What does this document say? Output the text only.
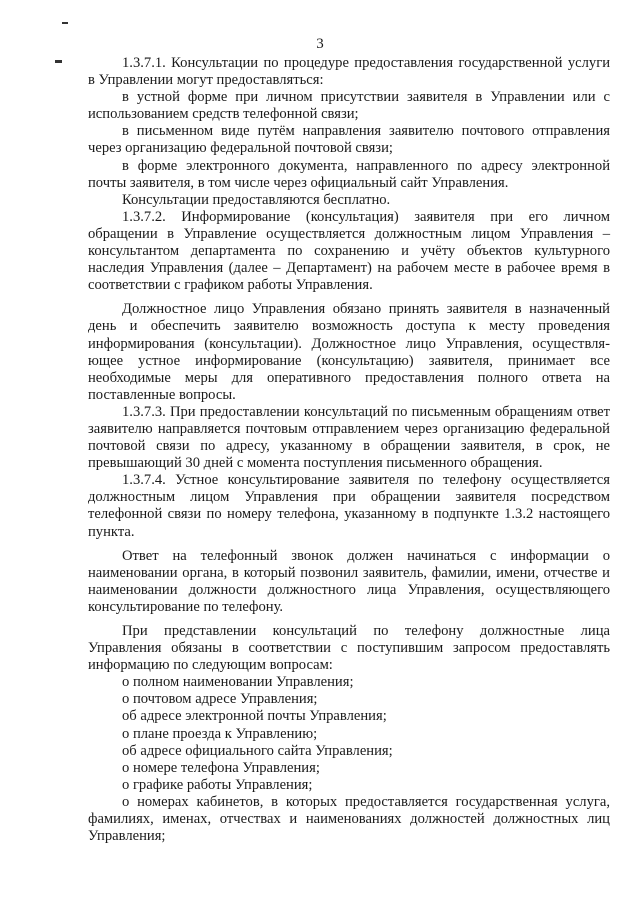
3

1.3.7.1. Консультации по процедуре предоставления государственной услуги в Управлении могут предоставляться:

в устной форме при личном присутствии заявителя в Управлении или с использованием средств телефонной связи;

в письменном виде путём направления заявителю почтового отправления через организацию федеральной почтовой связи;

в форме электронного документа, направленного по адресу электронной почты заявителя, в том числе через официальный сайт Управления.

Консультации предоставляются бесплатно.

1.3.7.2. Информирование (консультация) заявителя при его личном обращении в Управление осуществляется должностным лицом Управления – консультантом департамента по сохранению и учёту объектов культурного наследия Управления (далее – Департамент) на рабочем месте в рабочее время в соответствии с графиком работы Управления.

Должностное лицо Управления обязано принять заявителя в назначенный день и обеспечить заявителю возможность доступа к месту проведения информирования (консультации). Должностное лицо Управления, осуществля-ющее устное информирование (консультацию) заявителя, принимает все необходимые меры для оперативного предоставления полного ответа на поставленные вопросы.

1.3.7.3. При предоставлении консультаций по письменным обращениям ответ заявителю направляется почтовым отправлением через организацию федеральной почтовой связи по адресу, указанному в обращении заявителя, в срок, не превышающий 30 дней с момента поступления письменного обращения.

1.3.7.4. Устное консультирование заявителя по телефону осуществляется должностным лицом Управления при обращении заявителя посредством телефонной связи по номеру телефона, указанному в подпункте 1.3.2 настоящего пункта.

Ответ на телефонный звонок должен начинаться с информации о наименовании органа, в который позвонил заявитель, фамилии, имени, отчестве и наименовании должности должностного лица Управления, осуществляющего консультирование по телефону.

При представлении консультаций по телефону должностные лица Управления обязаны в соответствии с поступившим запросом предоставлять информацию по следующим вопросам:

о полном наименовании Управления;

о почтовом адресе Управления;

об адресе электронной почты Управления;

о плане проезда к Управлению;

об адресе официального сайта Управления;

о номере телефона Управления;

о графике работы Управления;

о номерах кабинетов, в которых предоставляется государственная услуга, фамилиях, именах, отчествах и наименованиях должностей должностных лиц Управления;
